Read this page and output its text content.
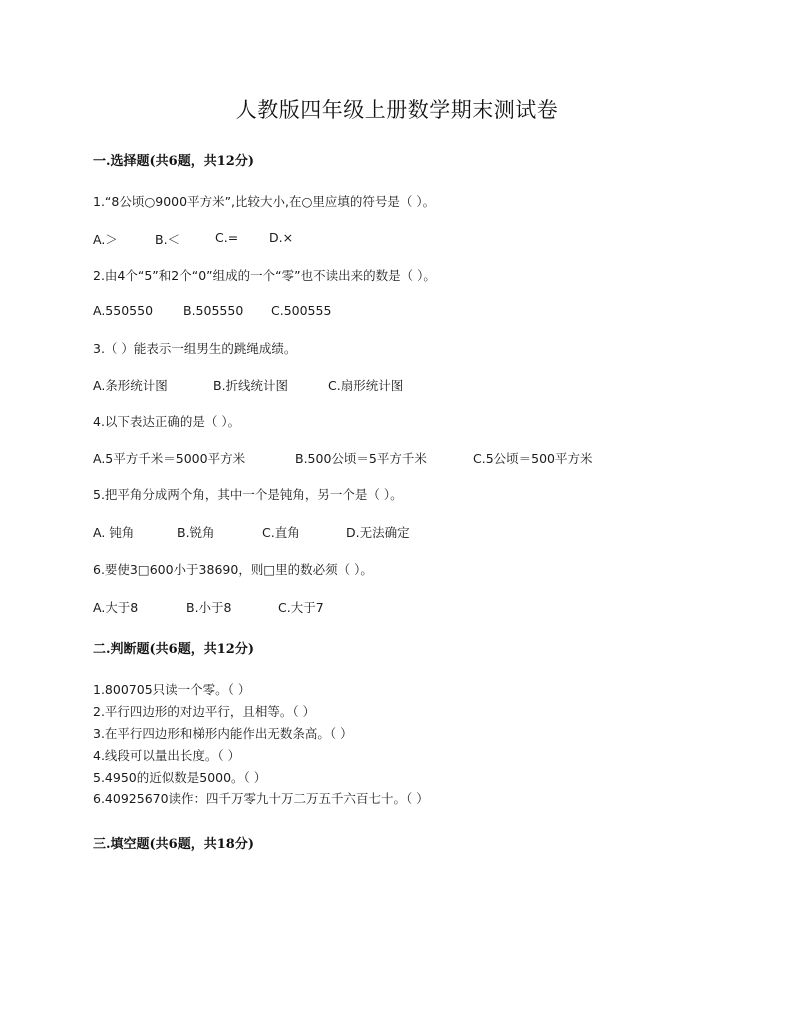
人教版四年级上册数学期末测试卷
一.选择题(共6题，共12分)
1.“8公顷○9000平方米”,比较大小,在○里应填的符号是（ ）。
A.＞	B.＜	C.=	D.×
2.由4个“5”和2个“0”组成的一个“零”也不读出来的数是（ ）。
A.550550	B.505550	C.500555
3.（ ）能表示一组男生的跳绳成绩。
A.条形统计图	B.折线统计图	C.扇形统计图
4.以下表达正确的是（ ）。
A.5平方千米＝5000平方米	B.500公顷＝5平方千米	C.5公顷＝500平方米
5.把平角分成两个角，其中一个是钝角，另一个是（ ）。
A. 钝角	B.锐角	C.直角	D.无法确定
6.要使3□600小于38690，则□里的数必须（ ）。
A.大于8	B.小于8	C.大于7
二.判断题(共6题，共12分)
1.800705只读一个零。（ ）
2.平行四边形的对边平行，且相等。（ ）
3.在平行四边形和梯形内能作出无数条高。（ ）
4.线段可以量出长度。（ ）
5.4950的近似数是5000。（ ）
6.40925670读作：四千万零九十万二万五千六百七十。（ ）
三.填空题(共6题，共18分)
